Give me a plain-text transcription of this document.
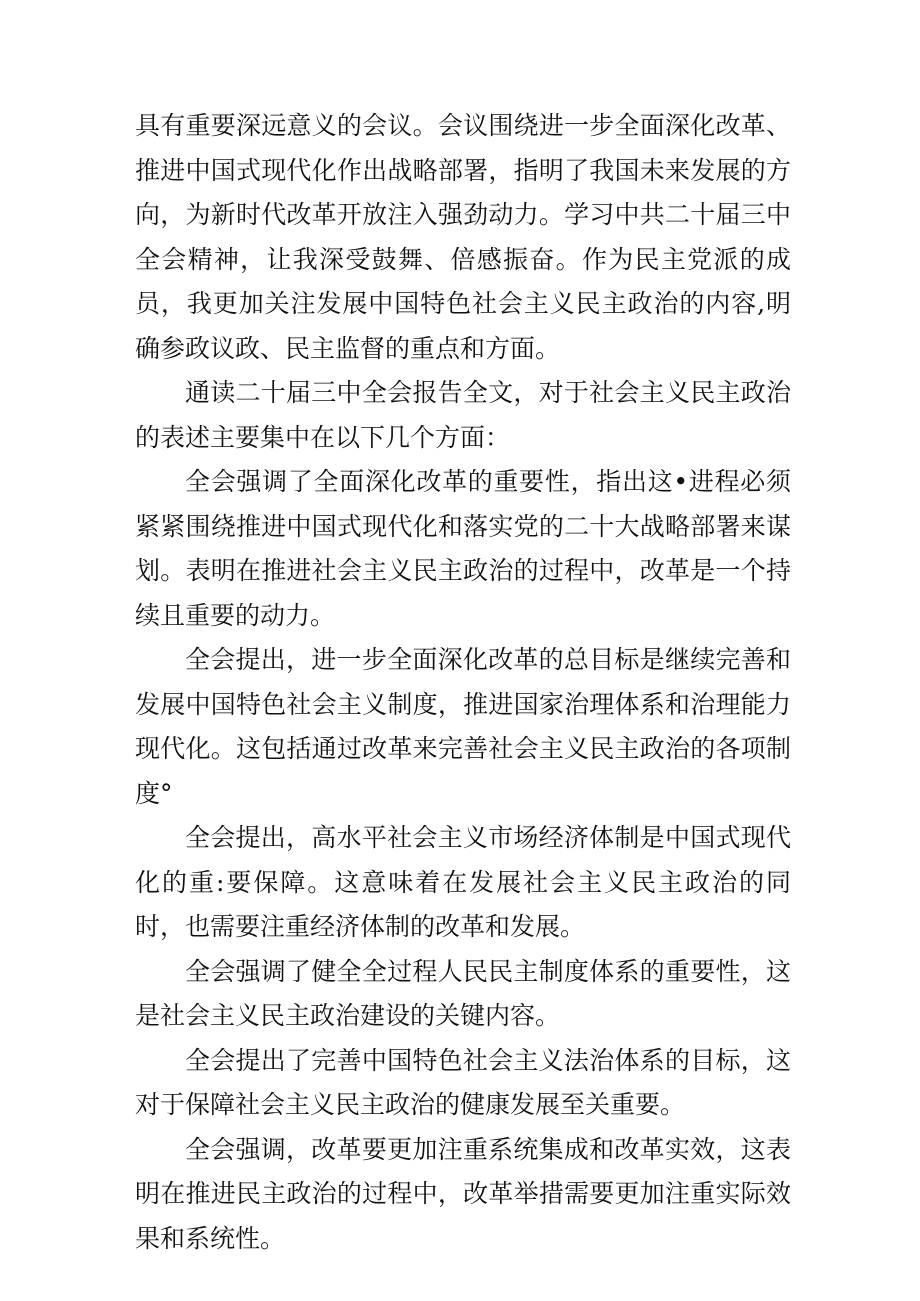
具有重要深远意义的会议。会议围绕进一步全面深化改革、推进中国式现代化作出战略部署，指明了我国未来发展的方向，为新时代改革开放注入强劲动力。学习中共二十届三中全会精神，让我深受鼓舞、倍感振奋。作为民主党派的成员，我更加关注发展中国特色社会主义民主政治的内容,明确参政议政、民主监督的重点和方面。

通读二十届三中全会报告全文，对于社会主义民主政治的表述主要集中在以下几个方面：

全会强调了全面深化改革的重要性，指出这•进程必须紧紧围绕推进中国式现代化和落实党的二十大战略部署来谋划。表明在推进社会主义民主政治的过程中，改革是一个持续且重要的动力。

全会提出，进一步全面深化改革的总目标是继续完善和发展中国特色社会主义制度，推进国家治理体系和治理能力现代化。这包括通过改革来完善社会主义民主政治的各项制度°

全会提出，高水平社会主义市场经济体制是中国式现代化的重:要保障。这意味着在发展社会主义民主政治的同时，也需要注重经济体制的改革和发展。

全会强调了健全全过程人民民主制度体系的重要性，这是社会主义民主政治建设的关键内容。

全会提出了完善中国特色社会主义法治体系的目标，这对于保障社会主义民主政治的健康发展至关重要。

全会强调，改革要更加注重系统集成和改革实效，这表明在推进民主政治的过程中，改革举措需要更加注重实际效果和系统性。
